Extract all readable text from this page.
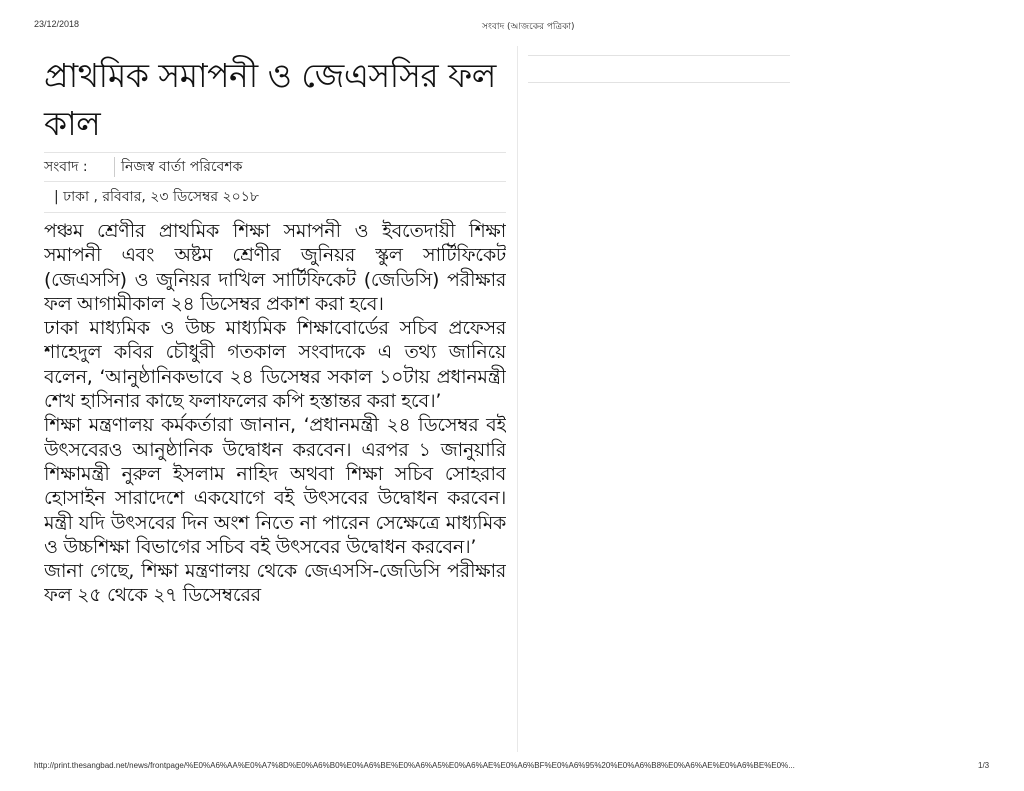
23/12/2018	সংবাদ (আজকের পত্রিকা)
প্রাথমিক সমাপনী ও জেএসসির ফল কাল
সংবাদ :	নিজস্ব বার্তা পরিবেশক
| ঢাকা , রবিবার, ২৩ ডিসেম্বর ২০১৮

পঞ্চম শ্রেণীর প্রাথমিক শিক্ষা সমাপনী ও ইবতেদায়ী শিক্ষা সমাপনী এবং অষ্টম শ্রেণীর জুনিয়র স্কুল সার্টিফিকেট (জেএসসি) ও জুনিয়র দাখিল সার্টিফিকেট (জেডিসি) পরীক্ষার ফল আগামীকাল ২৪ ডিসেম্বর প্রকাশ করা হবে।

ঢাকা মাধ্যমিক ও উচ্চ মাধ্যমিক শিক্ষাবোর্ডের সচিব প্রফেসর শাহেদুল কবির চৌধুরী গতকাল সংবাদকে এ তথ্য জানিয়ে বলেন, ‘আনুষ্ঠানিকভাবে ২৪ ডিসেম্বর সকাল ১০টায় প্রধানমন্ত্রী শেখ হাসিনার কাছে ফলাফলের কপি হস্তান্তর করা হবে।’

শিক্ষা মন্ত্রণালয় কর্মকর্তারা জানান, ‘প্রধানমন্ত্রী ২৪ ডিসেম্বর বই উৎসবেরও আনুষ্ঠানিক উদ্বোধন করবেন। এরপর ১ জানুয়ারি শিক্ষামন্ত্রী নুরুল ইসলাম নাহিদ অথবা শিক্ষা সচিব সোহরাব হোসাইন সারাদেশে একযোগে বই উৎসবের উদ্বোধন করবেন। মন্ত্রী যদি উৎসবের দিন অংশ নিতে না পারেন সেক্ষেত্রে মাধ্যমিক ও উচ্চশিক্ষা বিভাগের সচিব বই উৎসবের উদ্বোধন করবেন।’

জানা গেছে, শিক্ষা মন্ত্রণালয় থেকে জেএসসি-জেডিসি পরীক্ষার ফল ২৫ থেকে ২৭ ডিসেম্বরের

http://print.thesangbad.net/news/frontpage/%E0%A6%AA%E0%A7%8D%E0%A6%B0%E0%A6%BE%E0%A6%A5%E0%A6%AE%E0%A6%BF%E0%A6%95%20%E0%A6%B8%E0%A6%AE%E0%A6%BE%E0%...	1/3
